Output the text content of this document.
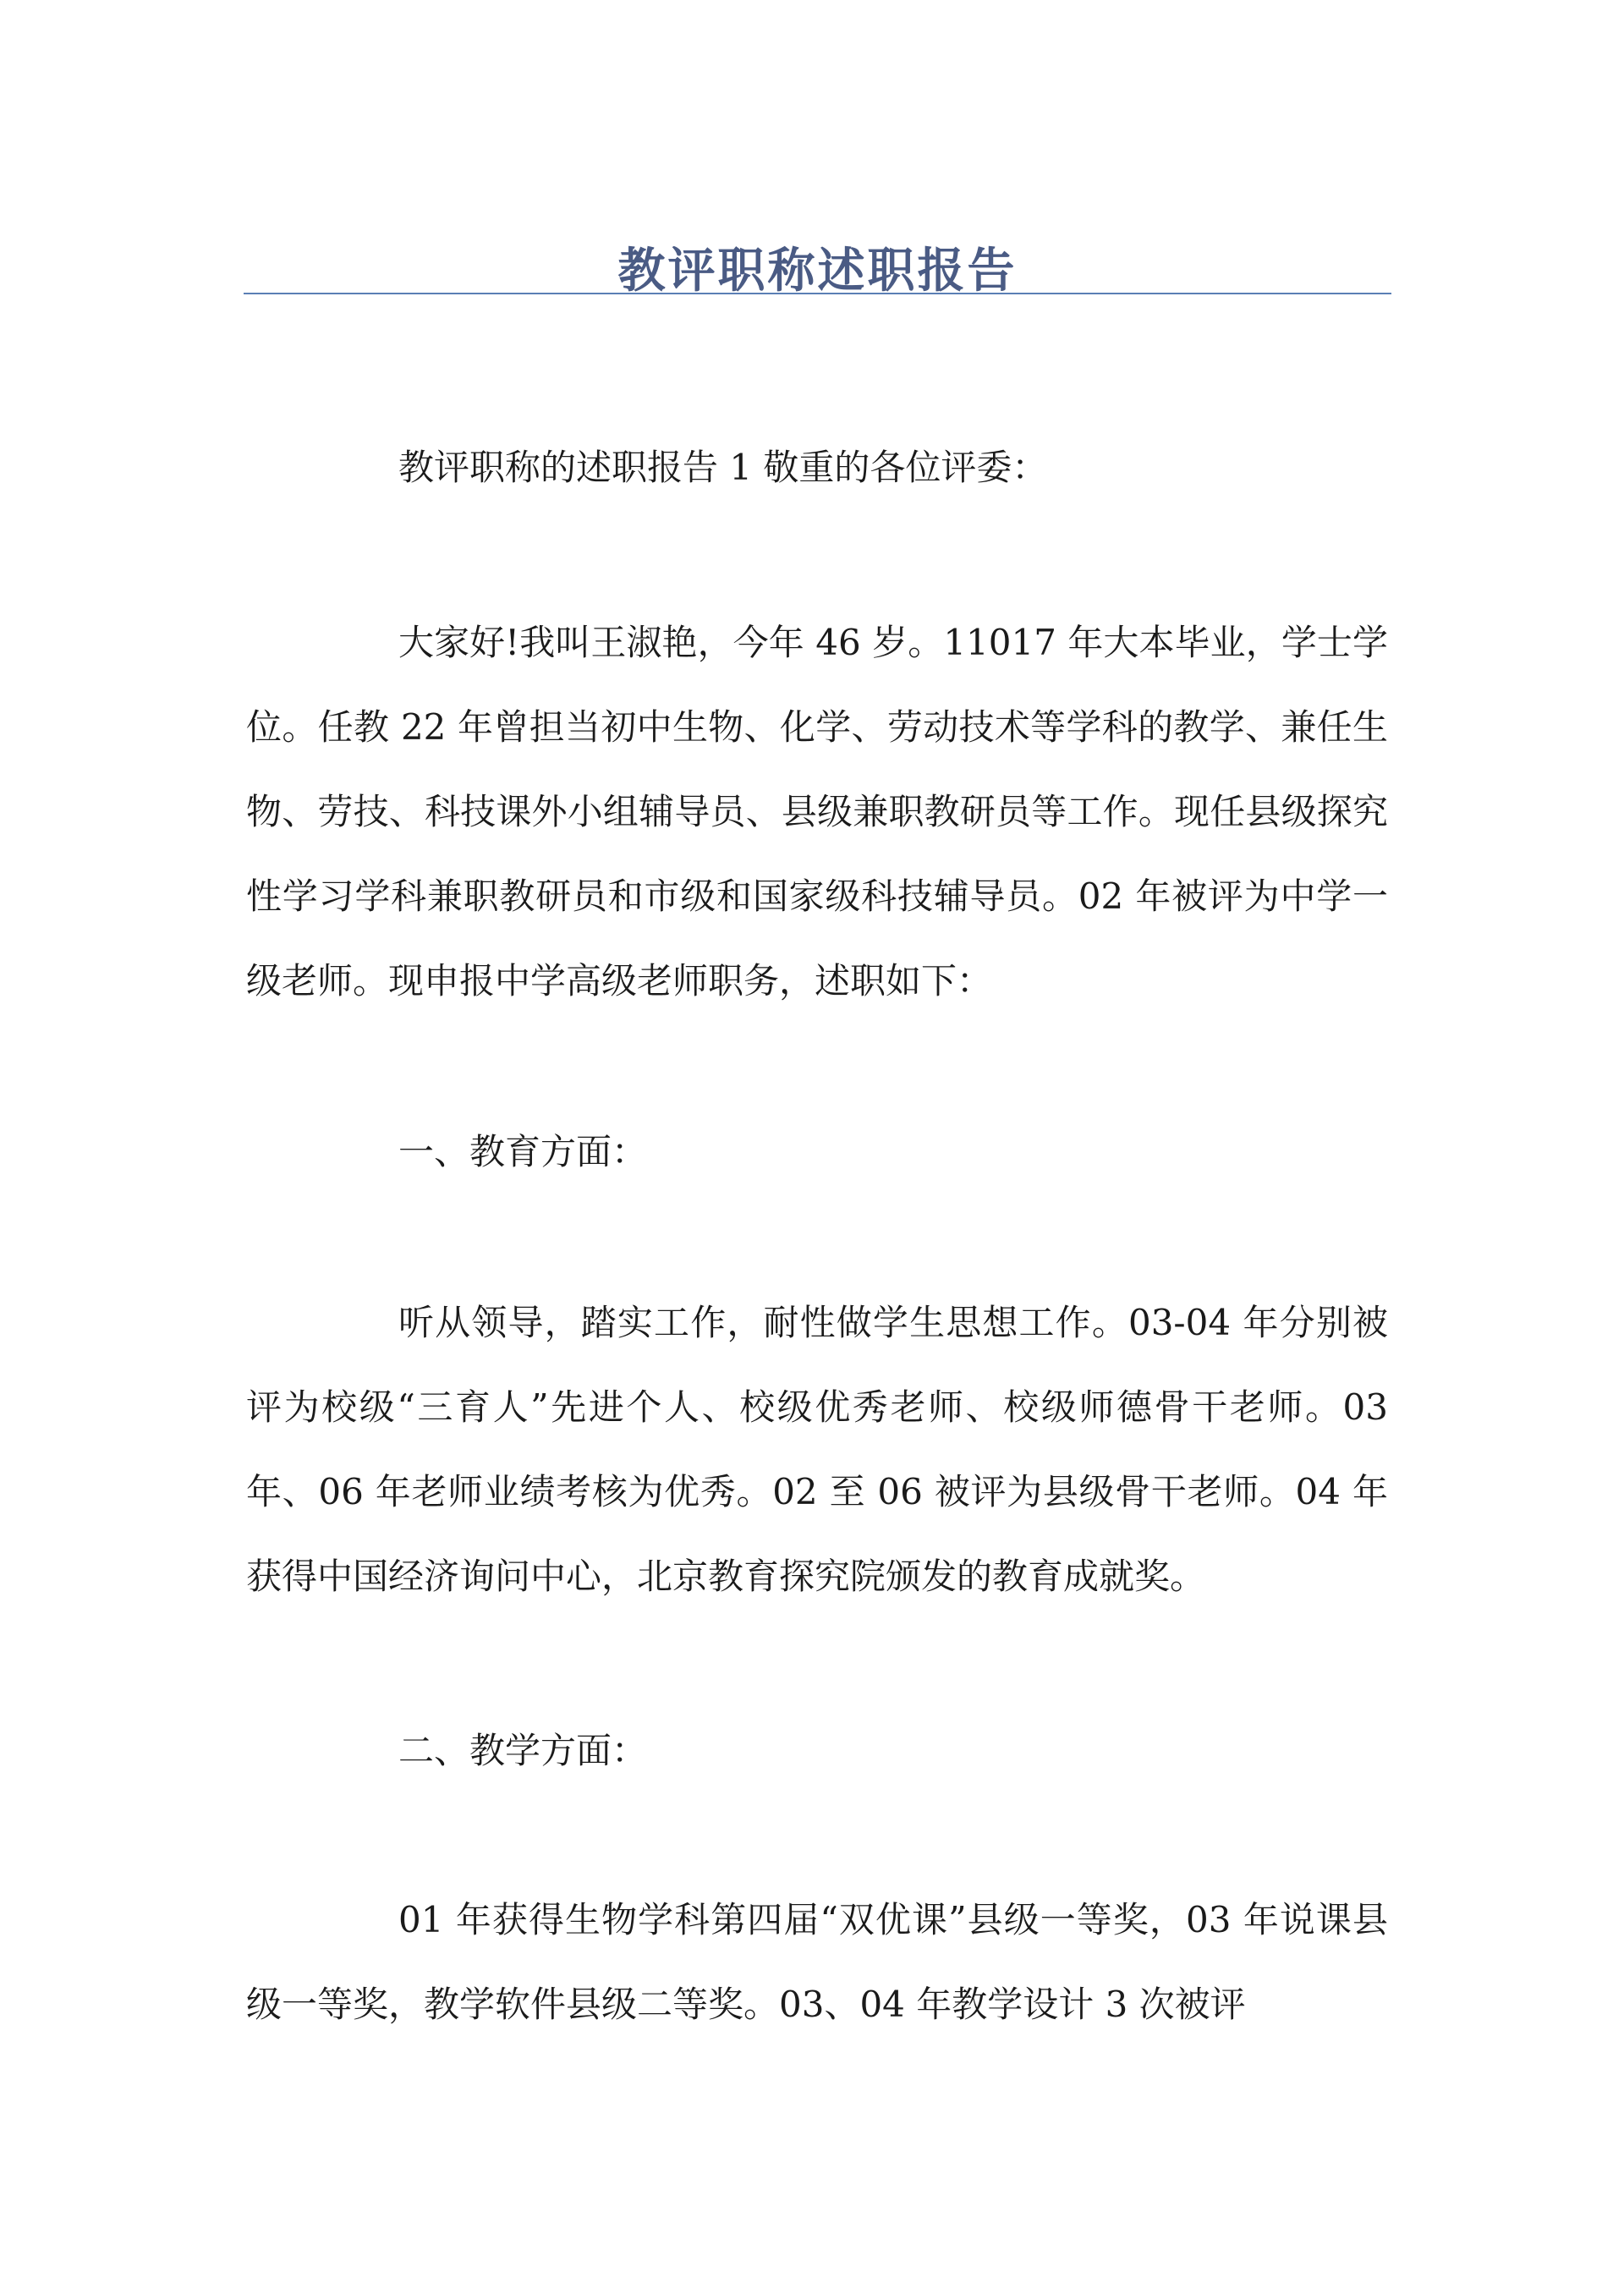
教评职称述职报告

教评职称的述职报告 1 敬重的各位评委：

大家好!我叫王淑艳，今年 46 岁。11017 年大本毕业，学士学位。任教 22 年曾担当初中生物、化学、劳动技术等学科的教学、兼任生物、劳技、科技课外小组辅导员、县级兼职教研员等工作。现任县级探究性学习学科兼职教研员和市级和国家级科技辅导员。02 年被评为中学一级老师。现申报中学高级老师职务，述职如下：

一、教育方面：

听从领导，踏实工作，耐性做学生思想工作。03-04 年分别被评为校级“三育人”先进个人、校级优秀老师、校级师德骨干老师。03 年、06 年老师业绩考核为优秀。02 至 06 被评为县级骨干老师。04 年获得中国经济询问中心，北京教育探究院颁发的教育成就奖。

二、教学方面：

01 年获得生物学科第四届“双优课”县级一等奖，03 年说课县级一等奖，教学软件县级二等奖。03、04 年教学设计 3 次被评
